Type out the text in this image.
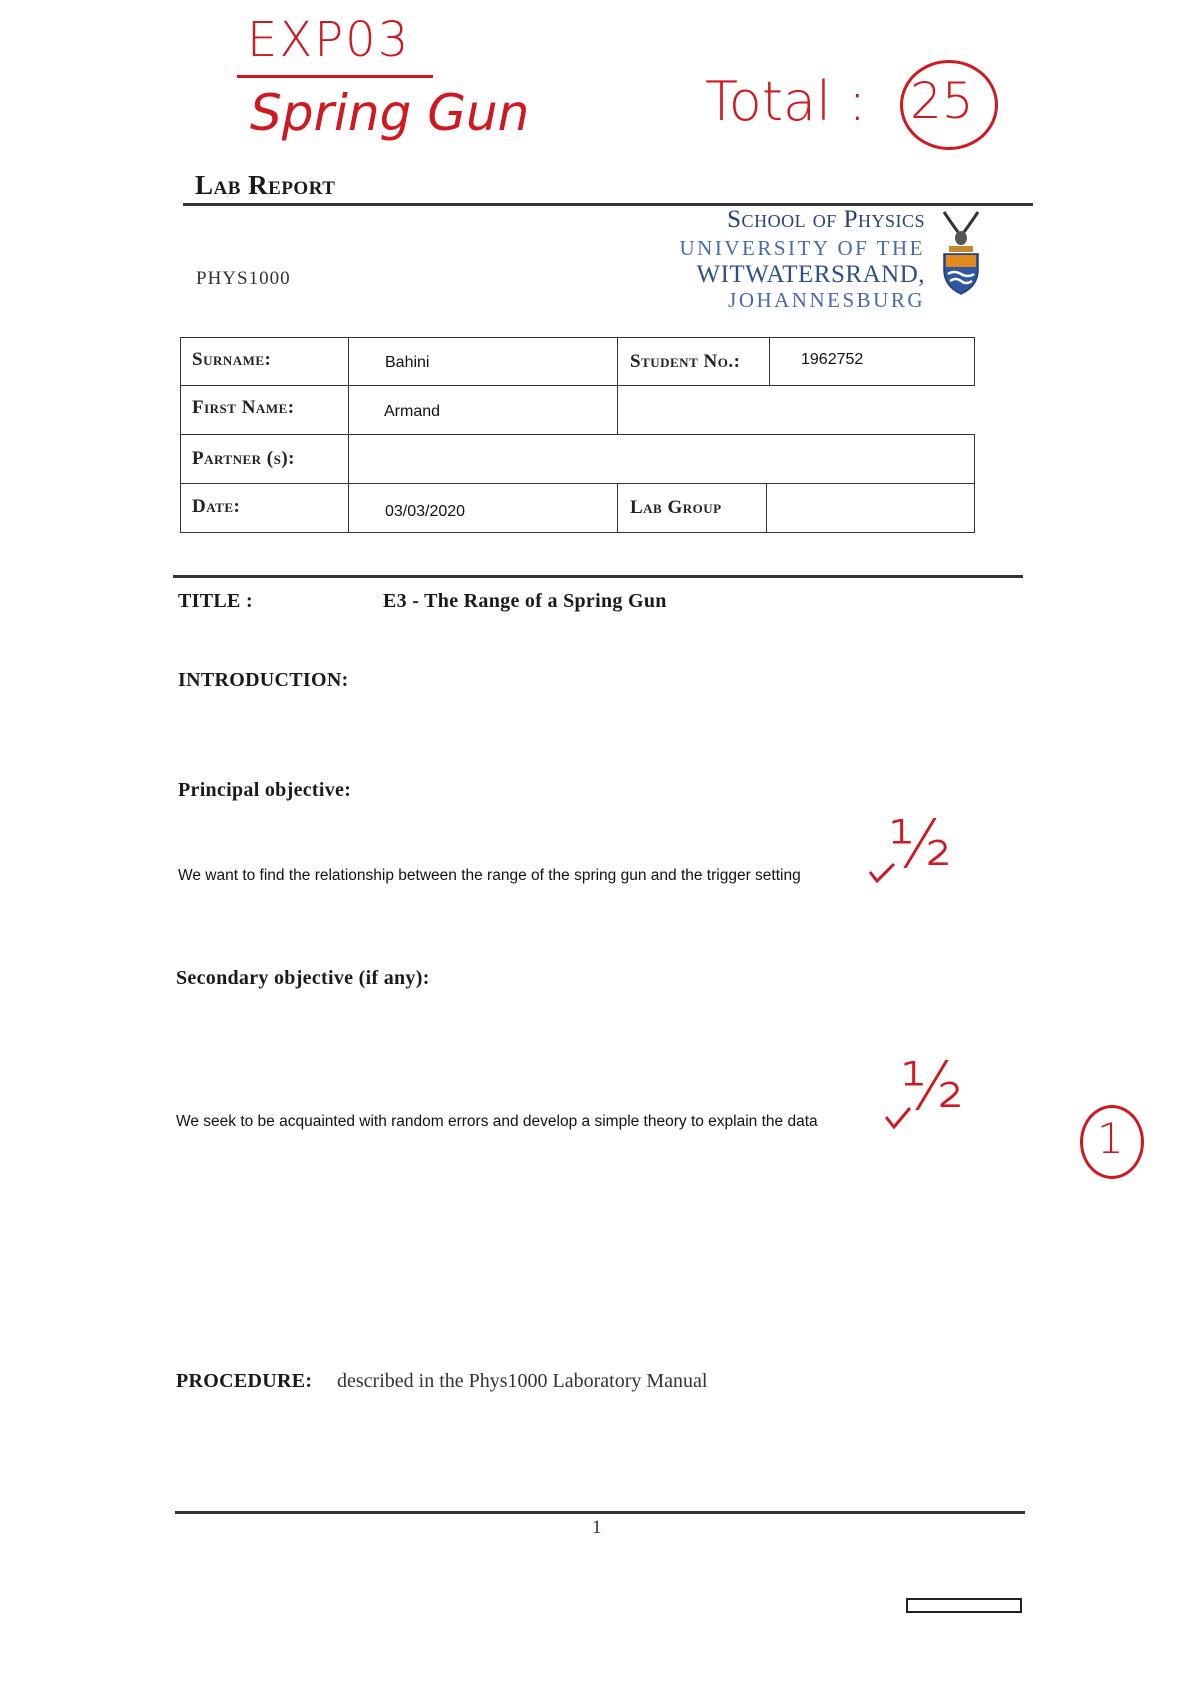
EXP03
Spring Gun	Total : 25
Lab Report
PHYS1000
School of Physics
UNIVERSITY OF THE
WITWATERSRAND,
JOHANNESBURG
Surname:	Bahini	Student No.:	1962752
First Name:	Armand
Partner (s):
Date:	03/03/2020	Lab Group
TITLE :	E3 - The Range of a Spring Gun
INTRODUCTION:
Principal objective:
We want to find the relationship between the range of the spring gun and the trigger setting ½
Secondary objective (if any):
We seek to be acquainted with random errors and develop a simple theory to explain the data ½
1
PROCEDURE: described in the Phys1000 Laboratory Manual
1
